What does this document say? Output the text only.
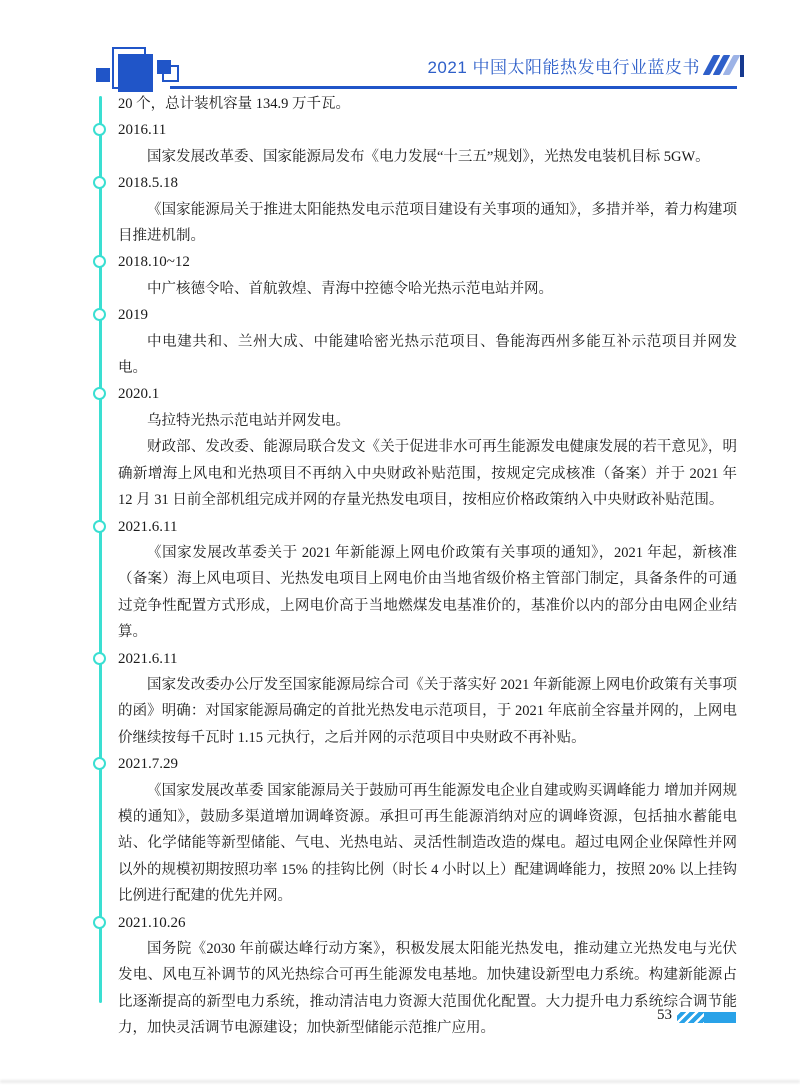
2021 中国太阳能热发电行业蓝皮书

20 个，总计装机容量 134.9 万千瓦。

2016.11

国家发展改革委、国家能源局发布《电力发展“十三五”规划》，光热发电装机目标 5GW。

2018.5.18

《国家能源局关于推进太阳能热发电示范项目建设有关事项的通知》，多措并举，着力构建项目推进机制。

2018.10~12

中广核德令哈、首航敦煌、青海中控德令哈光热示范电站并网。

2019

中电建共和、兰州大成、中能建哈密光热示范项目、鲁能海西州多能互补示范项目并网发电。

2020.1

乌拉特光热示范电站并网发电。

财政部、发改委、能源局联合发文《关于促进非水可再生能源发电健康发展的若干意见》，明确新增海上风电和光热项目不再纳入中央财政补贴范围，按规定完成核准（备案）并于 2021 年 12 月 31 日前全部机组完成并网的存量光热发电项目，按相应价格政策纳入中央财政补贴范围。

2021.6.11

《国家发展改革委关于 2021 年新能源上网电价政策有关事项的通知》，2021 年起，新核准（备案）海上风电项目、光热发电项目上网电价由当地省级价格主管部门制定，具备条件的可通过竞争性配置方式形成，上网电价高于当地燃煤发电基准价的，基准价以内的部分由电网企业结算。

2021.6.11

国家发改委办公厅发至国家能源局综合司《关于落实好 2021 年新能源上网电价政策有关事项的函》明确：对国家能源局确定的首批光热发电示范项目，于 2021 年底前全容量并网的，上网电价继续按每千瓦时 1.15 元执行，之后并网的示范项目中央财政不再补贴。

2021.7.29

《国家发展改革委 国家能源局关于鼓励可再生能源发电企业自建或购买调峰能力 增加并网规模的通知》，鼓励多渠道增加调峰资源。承担可再生能源消纳对应的调峰资源，包括抽水蓄能电站、化学储能等新型储能、气电、光热电站、灵活性制造改造的煤电。超过电网企业保障性并网以外的规模初期按照功率 15% 的挂钩比例（时长 4 小时以上）配建调峰能力，按照 20% 以上挂钩比例进行配建的优先并网。

2021.10.26

国务院《2030 年前碳达峰行动方案》，积极发展太阳能光热发电，推动建立光热发电与光伏发电、风电互补调节的风光热综合可再生能源发电基地。加快建设新型电力系统。构建新能源占比逐渐提高的新型电力系统，推动清洁电力资源大范围优化配置。大力提升电力系统综合调节能力，加快灵活调节电源建设；加快新型储能示范推广应用。

53
